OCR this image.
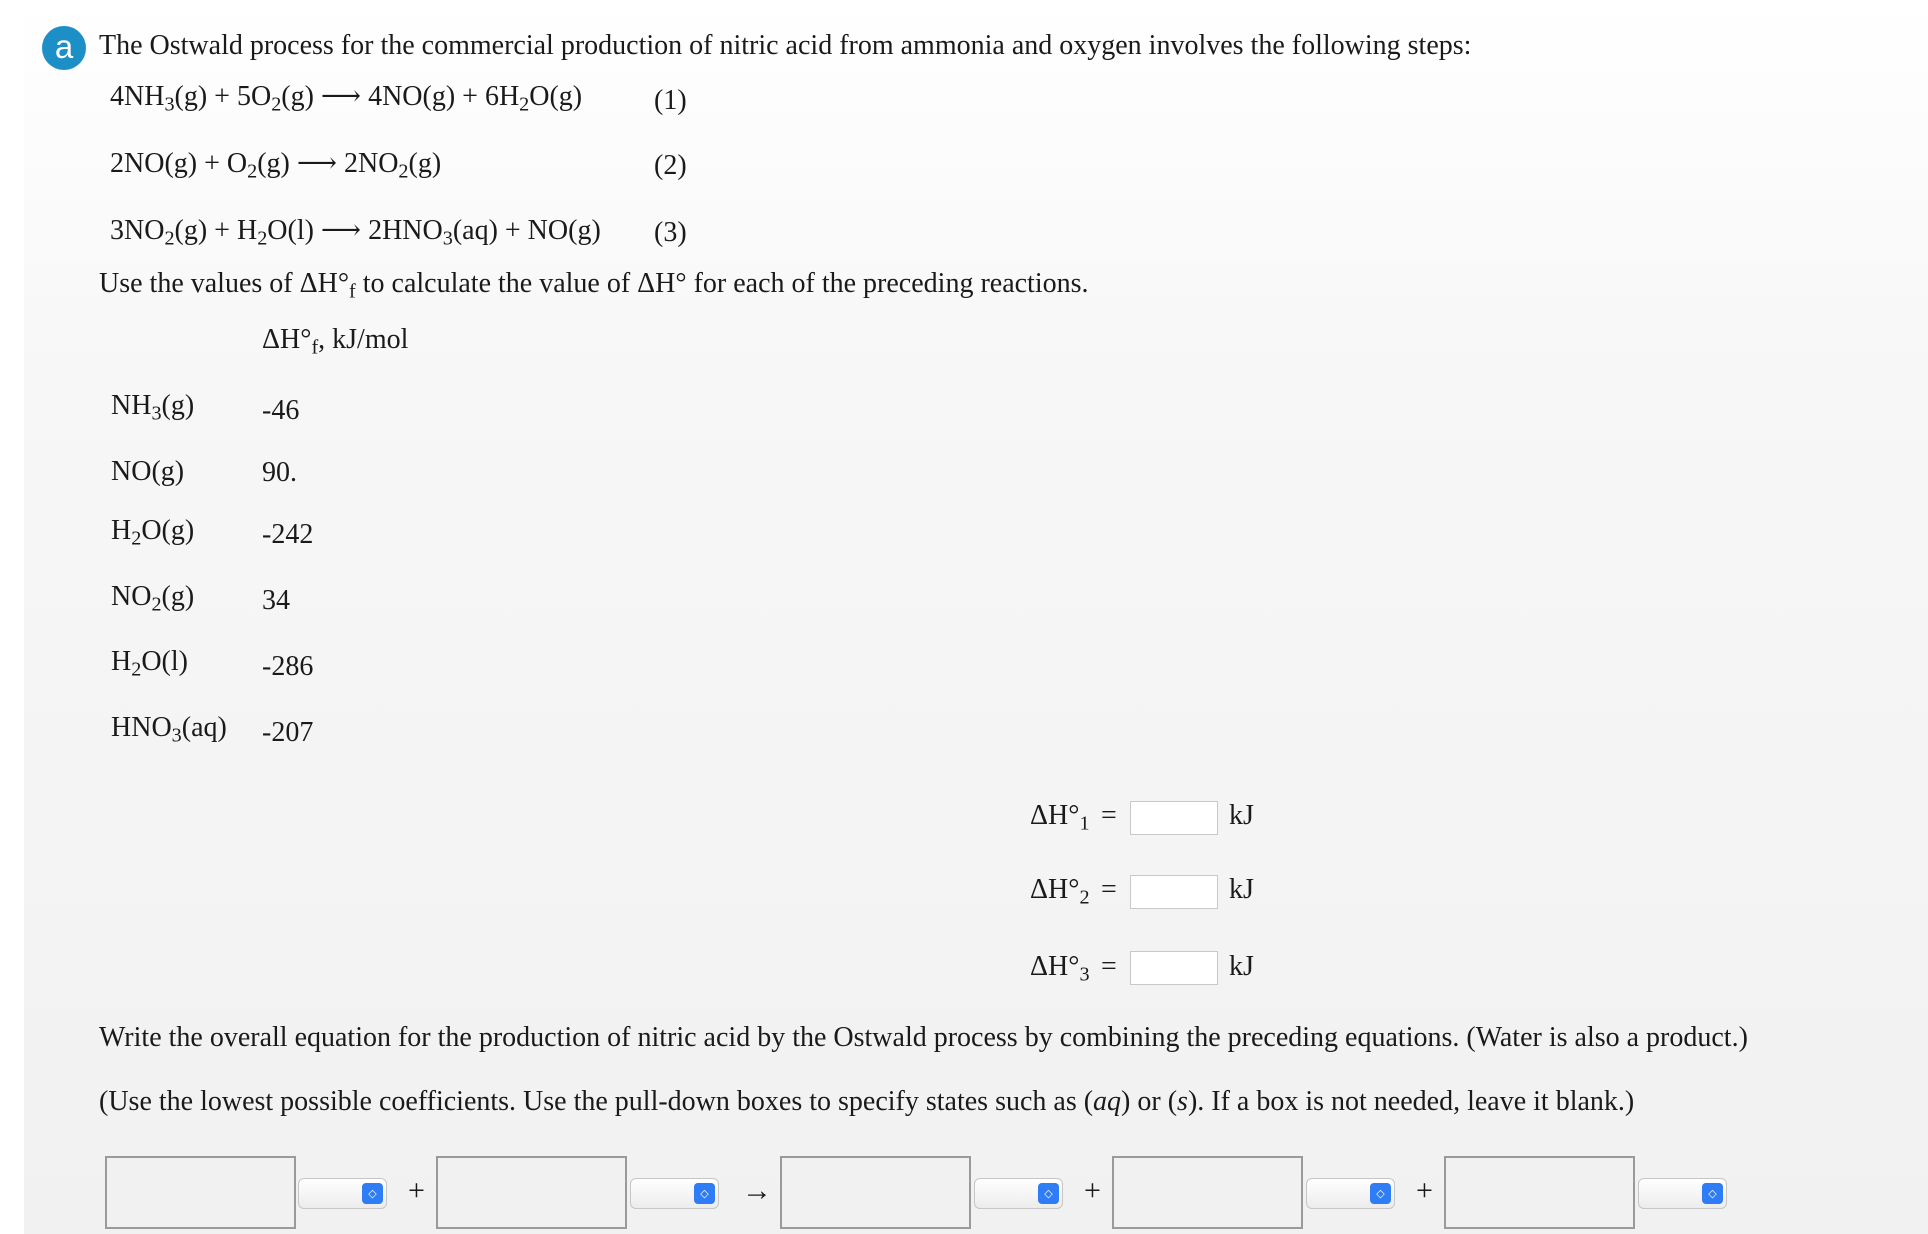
a The Ostwald process for the commercial production of nitric acid from ammonia and oxygen involves the following steps:
$4NH_3(g) + 5O_2(g)$ ⟶ $4NO(g) + 6H_2O(g)$	(1)
$2NO(g) + O_2(g)$ ⟶ $2NO_2(g)$	(2)
$3NO_2(g) + H_2O(l)$ ⟶ $2HNO_3(aq) + NO(g)$ (3)
Use the values of $\Delta H^\circ_f$ to calculate the value of ΔH° for each of the preceding reactions.
$\Delta H^\circ_f$, kJ/mol
$NH_3(g)$ -46
NO(g)	90.
$H_2O(g)$ -242
$NO_2(g)$ 34
$H_2O(l)$	-286
$HNO_3(aq)$ -207
$\Delta H^\circ_1$ =	kJ
$\Delta H^\circ_2$ =	kJ
$\Delta H^\circ_3$ =	kJ
Write the overall equation for the production of nitric acid by the Ostwald process by combining the preceding equations. (Water is also a product.)
(Use the lowest possible coefficients. Use the pull-down boxes to specify states such as (aq) or (s). If a box is not needed, leave it blank.)
◇ +	◇ →	◇ +	◇ +	◇
